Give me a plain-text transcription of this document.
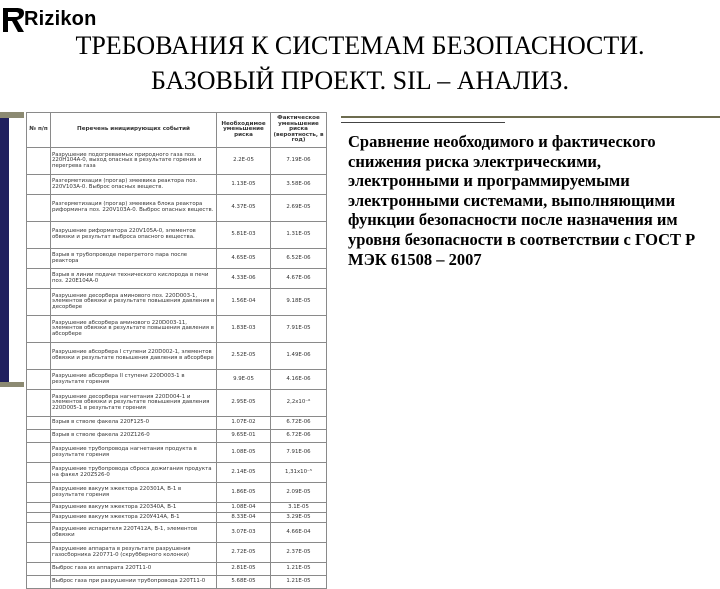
Rizikon
ТРЕБОВАНИЯ К СИСТЕМАМ БЕЗОПАСНОСТИ.
БАЗОВЫЙ ПРОЕКТ. SIL – АНАЛИЗ.
№ п/п	Перечень инициирующих событий	Необходимое уменьшение риска	Фактическое уменьшение риска (вероятность, в год)
	Разрушение подогреваемых природного газа поз. 220Н104А-0, выход опасных в результате горения и перегрева газа	2.2E-05	7.19E-06
	Разгерметизация (прогар) змеевика реактора поз. 220V103А-0. Выброс опасных веществ.	1.13E-05	3.58E-06
	Разгерметизация (прогар) змеевика блока реактора риформинга поз. 220V103А-0. Выброс опасных веществ.	4.37E-05	2.69E-05
	Разрушение риформатора 220V105А-0, элементов обвязки и результат выброса опасного вещества.	5.81E-03	1.31E-05
	Взрыв в трубопроводе перегретого пара после реактора	4.65E-05	6.52E-06
	Взрыв в линии подачи технического кислорода в печи поз. 220Е104А-0	4.33E-06	4.67E-06
	Разрушение десорбера аминового поз. 220D003-1, элементов обвязки и результате повышения давления в десорбере	1.56E-04	9.18E-05
	Разрушение абсорбера аминового 220D003-11, элементов обвязки в результате повышения давления в абсорбере	1.83E-03	7.91E-05
	Разрушение абсорбера I ступени 220D002-1, элементов обвязки и результате повышения давления в абсорбере	2.52E-05	1.49E-06
	Разрушение абсорбера II ступени 220D003-1 в результате горения	9.9E-05	4.16E-06
	Разрушение десорбера нагнетания 220D004-1 и элементов обвязки и результате повышения давления 220D005-1 в результате горения	2.95E-05	2,2x10⁻⁶
	Взрыв в стволе факела 220F125-0	1.07E-02	6.72E-06
	Взрыв в стволе факела 220Z126-0	9.65E-01	6.72E-06
	Разрушение трубопровода нагнетания продукта в результате горения	1.08E-05	7.91E-06
	Разрушение трубопровода сброса дожигания продукта на факел 220Z526-0	2.14E-05	1,31x10⁻⁵
	Разрушение вакуум эжектора 220301А, В-1 в результате горения	1.86E-05	2.09E-05
	Разрушение вакуум эжектора 220340А, В-1	1.08E-04	3.1E-05
	Разрушение вакуум эжектора 220У414А, В-1	8.33E-04	3.29E-05
	Разрушение испарителя 220Т412А, В-1, элементов обвязки	3.07E-03	4.66E-04
	Разрушение аппарата в результате разрушения газосборника 220771-0 (скрубберного колонки)	2.72E-05	2.37E-05
	Выброс газа из аппарата 220Т11-0	2.81E-05	1.21E-05
	Выброс газа при разрушении трубопровода 220Т11-0	5.68E-05	1.21E-05
Сравнение необходимого и фактического снижения риска электрическими, электронными и программируемыми электронными системами, выполняющими функции безопасности после назначения им уровня безопасности в соответствии с ГОСТ Р МЭК 61508 – 2007
